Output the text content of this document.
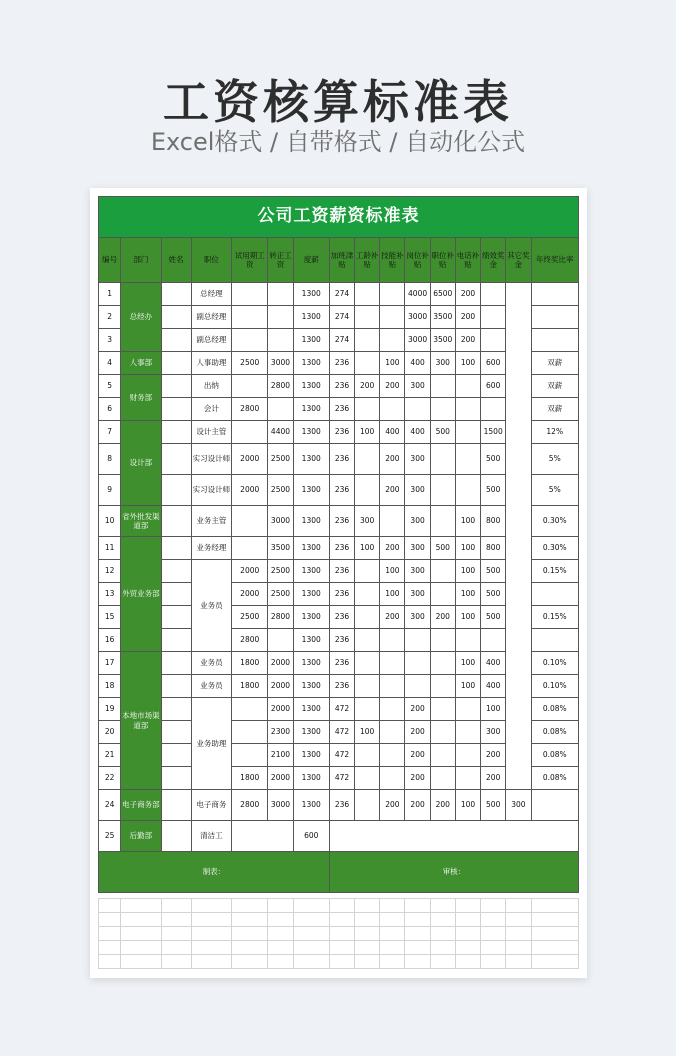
工资核算标准表
Excel格式 / 自带格式 / 自动化公式
公司工资薪资标准表															
编号	部门	姓名	职位	试用期工资	转正工资	度薪	加班津贴	工龄补贴	技能补贴	岗位补贴	职位补贴	电话补贴	绩效奖金	其它奖金	年终奖比率
1	总经办		总经理			1300	274			4000	6500	200			
2			副总经理			1300	274			3000	3500	200			
3			副总经理			1300	274			3000	3500	200			
4	人事部		人事助理	2500	3000	1300	236		100	400	300	100	600		双薪
5	财务部		出纳		2800	1300	236	200	200	300			600		双薪
6			会计	2800		1300	236								双薪
7	设计部		设计主管		4400	1300	236	100	400	400	500		1500		12%
8			实习设计师	2000	2500	1300	236		200	300			500		5%
9			实习设计师	2000	2500	1300	236		200	300			500		5%
10	省外批发渠道部		业务主管		3000	1300	236	300		300		100	800		0.30%
11	外贸业务部		业务经理		3500	1300	236	100	200	300	500	100	800		0.30%
12			业务员	2000	2500	1300	236		100	300		100	500		0.15%
13				2000	2500	1300	236		100	300		100	500		
15				2500	2800	1300	236		200	300	200	100	500		0.15%
16				2800		1300	236								
17	本地市场渠道部		业务员	1800	2000	1300	236					100	400		0.10%
18			业务员	1800	2000	1300	236					100	400		0.10%
19			业务助理		2000	1300	472			200			100		0.08%
20					2300	1300	472	100		200			300		0.08%
21					2100	1300	472			200			200		0.08%
22				1800	2000	1300	472			200			200		0.08%
24	电子商务部		电子商务	2800	3000	1300	236		200	200	200	100	500	300	
25	后勤部		清洁工			600									
制表：							审核：								
